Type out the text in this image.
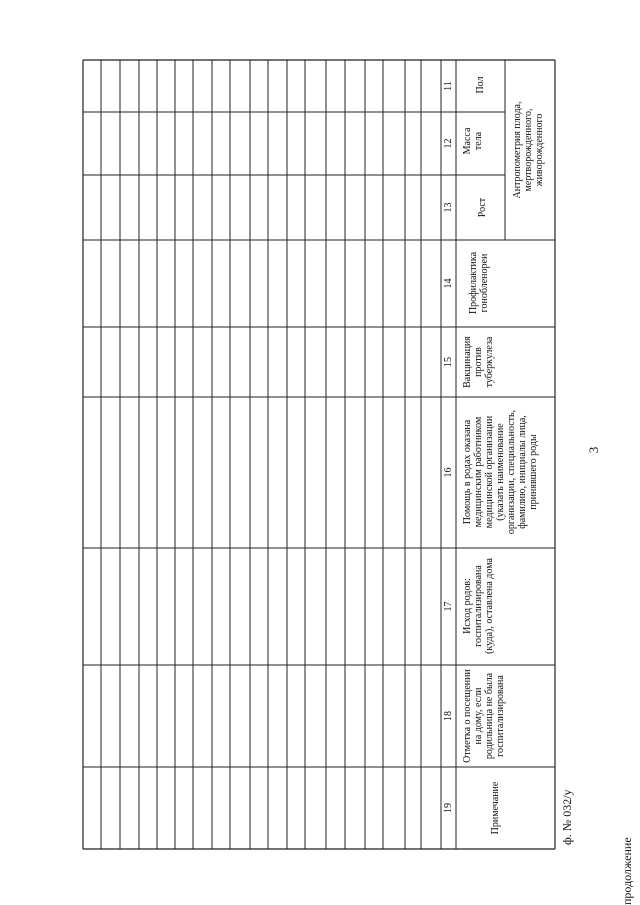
3
ф. № 032/у
продолжение
Антропометрия плода, мертворожденного, живорожденного
Пол
Масса тела
Рост
Профилактика гонобленореи
Вакцинация против туберкулеза
Помощь в родах оказана медицинским работником медицинской организации (указать наименование организации, специальность, фамилию, инициалы лица, принявшего роды
Исход родов: госпитализирована (куда), оставлена дома
Отметка о посещении на дому, если родильница не была госпитализирована
Примечание
11
12
13
14
15
16
17
18
19
